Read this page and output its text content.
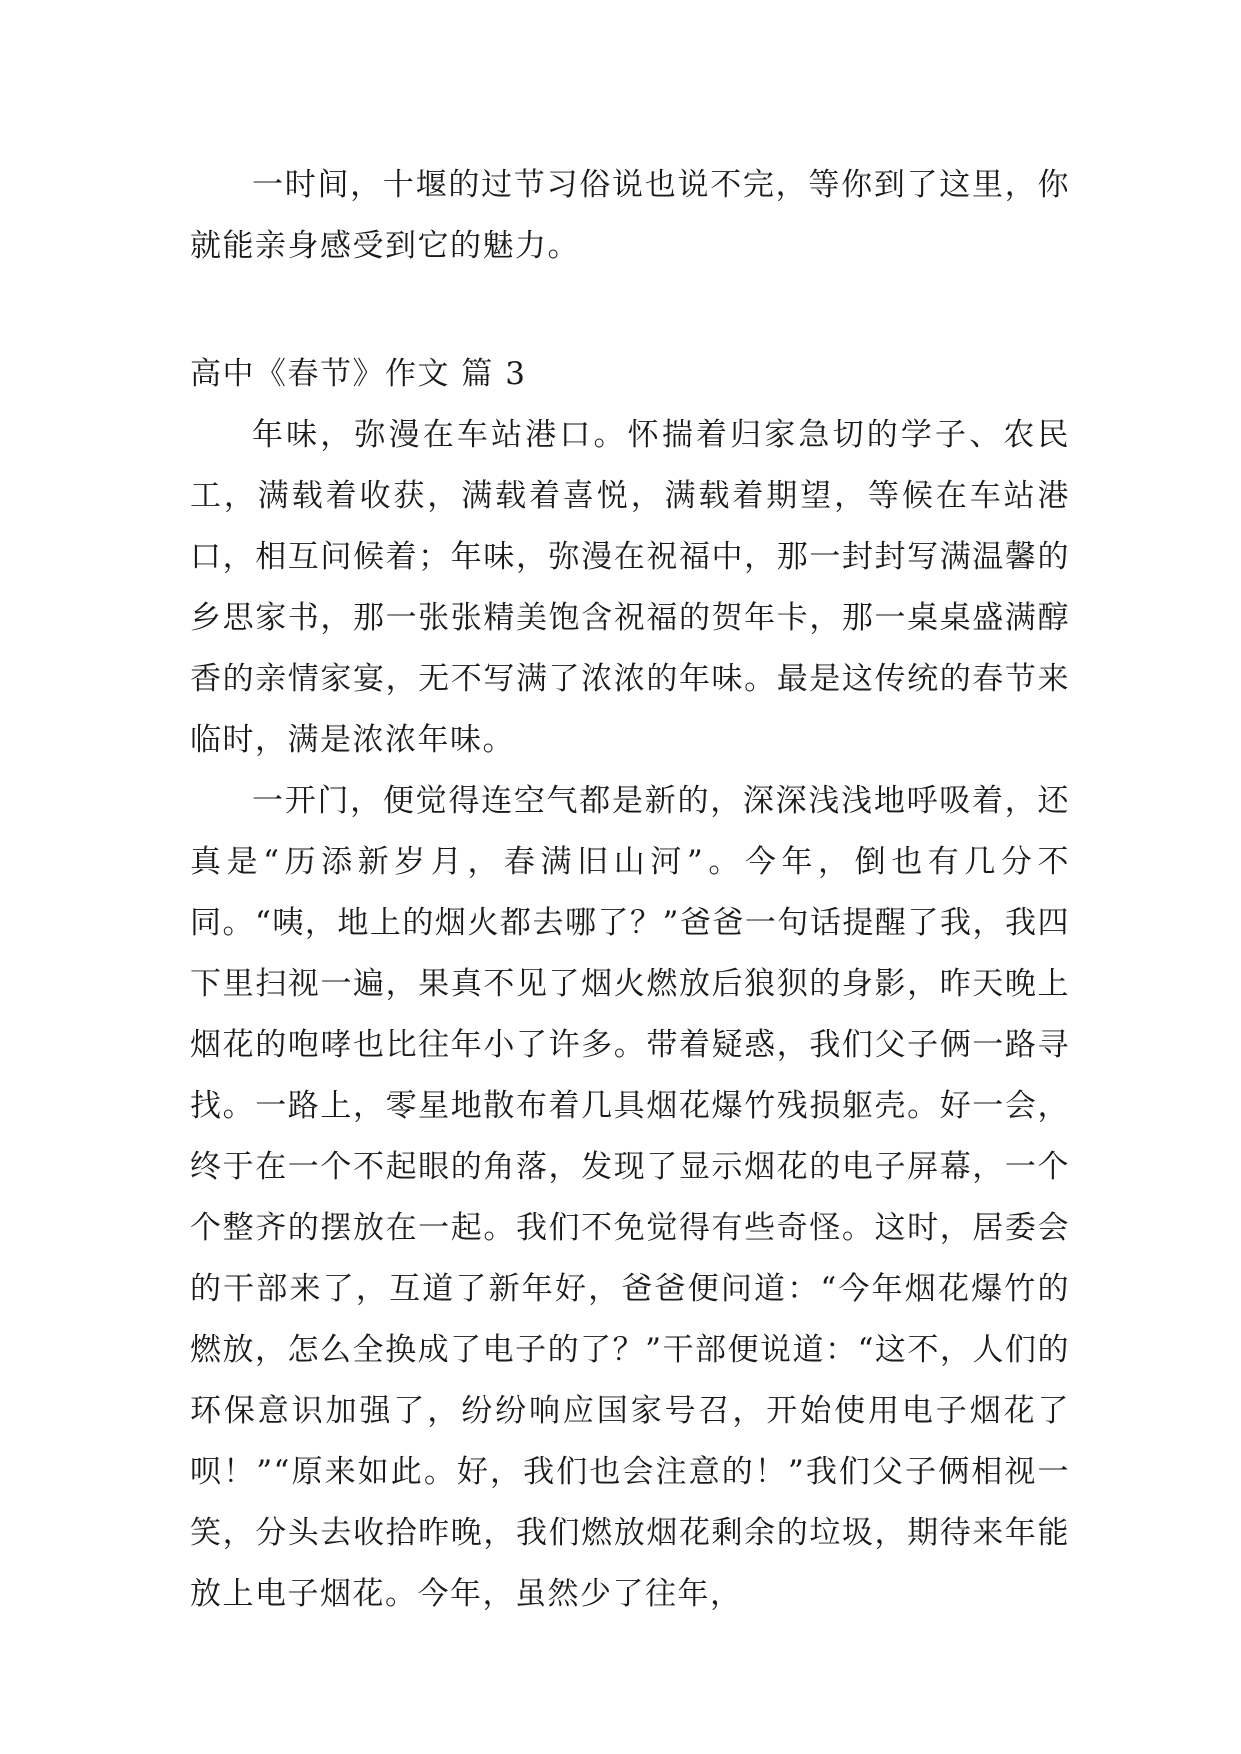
一时间，十堰的过节习俗说也说不完，等你到了这里，你就能亲身感受到它的魅力。

高中《春节》作文 篇 3

年味，弥漫在车站港口。怀揣着归家急切的学子、农民工，满载着收获，满载着喜悦，满载着期望，等候在车站港口，相互问候着；年味，弥漫在祝福中，那一封封写满温馨的乡思家书，那一张张精美饱含祝福的贺年卡，那一桌桌盛满醇香的亲情家宴，无不写满了浓浓的年味。最是这传统的春节来临时，满是浓浓年味。

一开门，便觉得连空气都是新的，深深浅浅地呼吸着，还真是“历添新岁月，春满旧山河”。今年，倒也有几分不同。“咦，地上的烟火都去哪了？”爸爸一句话提醒了我，我四下里扫视一遍，果真不见了烟火燃放后狼狈的身影，昨天晚上烟花的咆哮也比往年小了许多。带着疑惑，我们父子俩一路寻找。一路上，零星地散布着几具烟花爆竹残损躯壳。好一会，终于在一个不起眼的角落，发现了显示烟花的电子屏幕，一个个整齐的摆放在一起。我们不免觉得有些奇怪。这时，居委会的干部来了，互道了新年好，爸爸便问道：“今年烟花爆竹的燃放，怎么全换成了电子的了？”干部便说道：“这不，人们的环保意识加强了，纷纷响应国家号召，开始使用电子烟花了呗！”“原来如此。好，我们也会注意的！”我们父子俩相视一笑，分头去收拾昨晚，我们燃放烟花剩余的垃圾，期待来年能放上电子烟花。今年，虽然少了往年，
